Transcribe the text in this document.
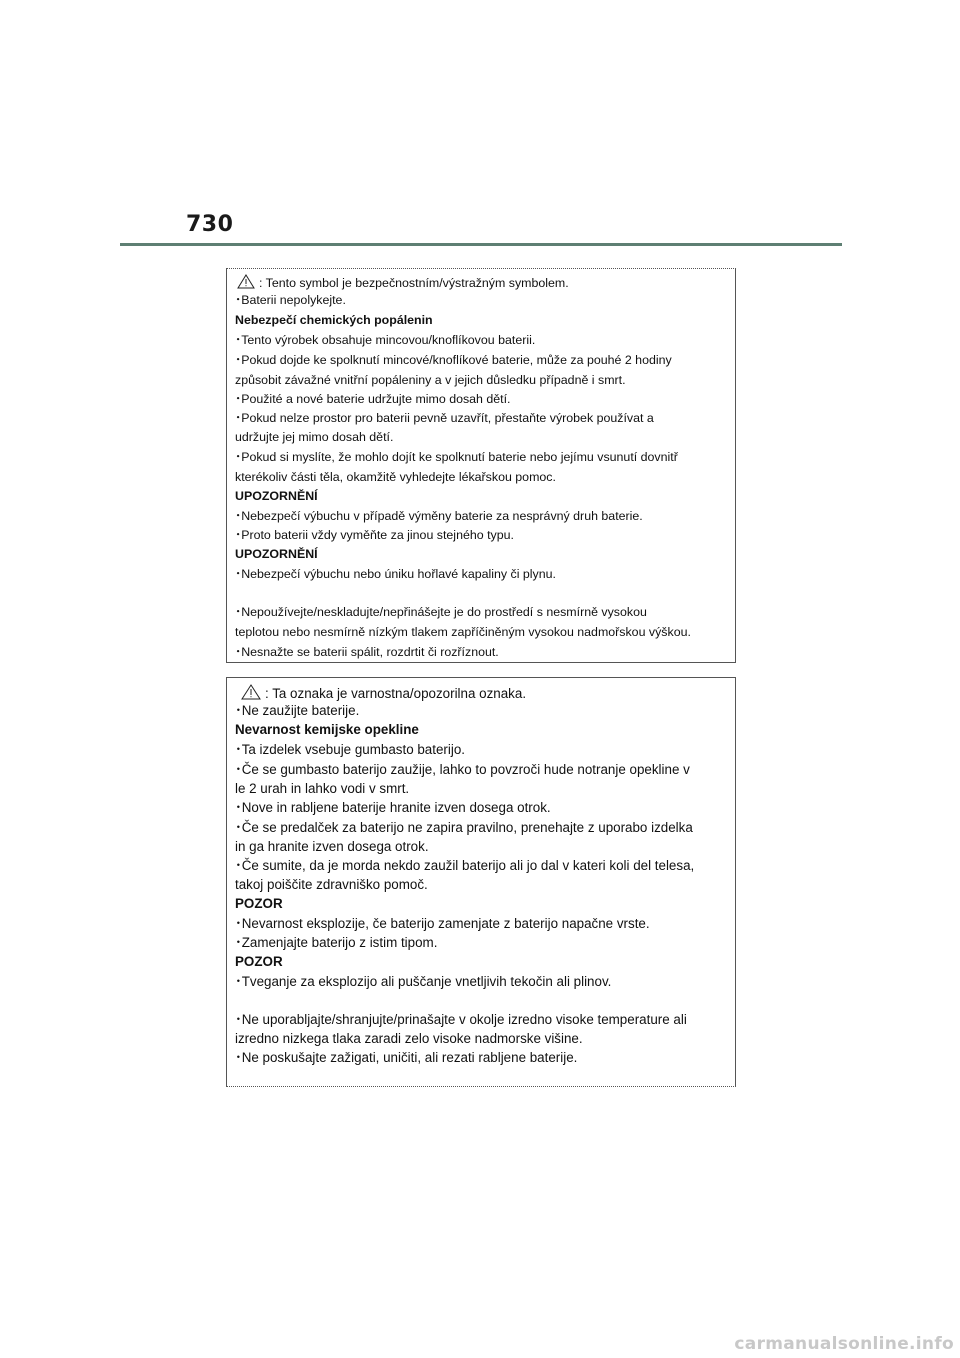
730
: Tento symbol je bezpečnostním/výstražným symbolem.
･Baterii nepolykejte.
Nebezpečí chemických popálenin
･Tento výrobek obsahuje mincovou/knoflíkovou baterii.
･Pokud dojde ke spolknutí mincové/knoflíkové baterie, může za pouhé 2 hodiny
způsobit závažné vnitřní popáleniny a v jejich důsledku případně i smrt.
･Použité a nové baterie udržujte mimo dosah dětí.
･Pokud nelze prostor pro baterii pevně uzavřít, přestaňte výrobek používat a
udržujte jej mimo dosah dětí.
･Pokud si myslíte, že mohlo dojít ke spolknutí baterie nebo jejímu vsunutí dovnitř
kterékoliv části těla, okamžitě vyhledejte lékařskou pomoc.
UPOZORNĚNÍ
･Nebezpečí výbuchu v případě výměny baterie za nesprávný druh baterie.
･Proto baterii vždy vyměňte za jinou stejného typu.
UPOZORNĚNÍ
･Nebezpečí výbuchu nebo úniku hořlavé kapaliny či plynu.
･Nepoužívejte/neskladujte/nepřinášejte je do prostředí s nesmírně vysokou
teplotou nebo nesmírně nízkým tlakem zapříčiněným vysokou nadmořskou výškou.
･Nesnažte se baterii spálit, rozdrtit či rozříznout.
: Ta oznaka je varnostna/opozorilna oznaka.
･Ne zaužijte baterije.
Nevarnost kemijske opekline
･Ta izdelek vsebuje gumbasto baterijo.
･Če se gumbasto baterijo zaužije, lahko to povzroči hude notranje opekline v
le 2 urah in lahko vodi v smrt.
･Nove in rabljene baterije hranite izven dosega otrok.
･Če se predalček za baterijo ne zapira pravilno, prenehajte z uporabo izdelka
in ga hranite izven dosega otrok.
･Če sumite, da je morda nekdo zaužil baterijo ali jo dal v kateri koli del telesa,
takoj poiščite zdravniško pomoč.
POZOR
･Nevarnost eksplozije, če baterijo zamenjate z baterijo napačne vrste.
･Zamenjajte baterijo z istim tipom.
POZOR
･Tveganje za eksplozijo ali puščanje vnetljivih tekočin ali plinov.
･Ne uporabljajte/shranjujte/prinašajte v okolje izredno visoke temperature ali
izredno nizkega tlaka zaradi zelo visoke nadmorske višine.
･Ne poskušajte zažigati, uničiti, ali rezati rabljene baterije.
carmanualsonline.info
